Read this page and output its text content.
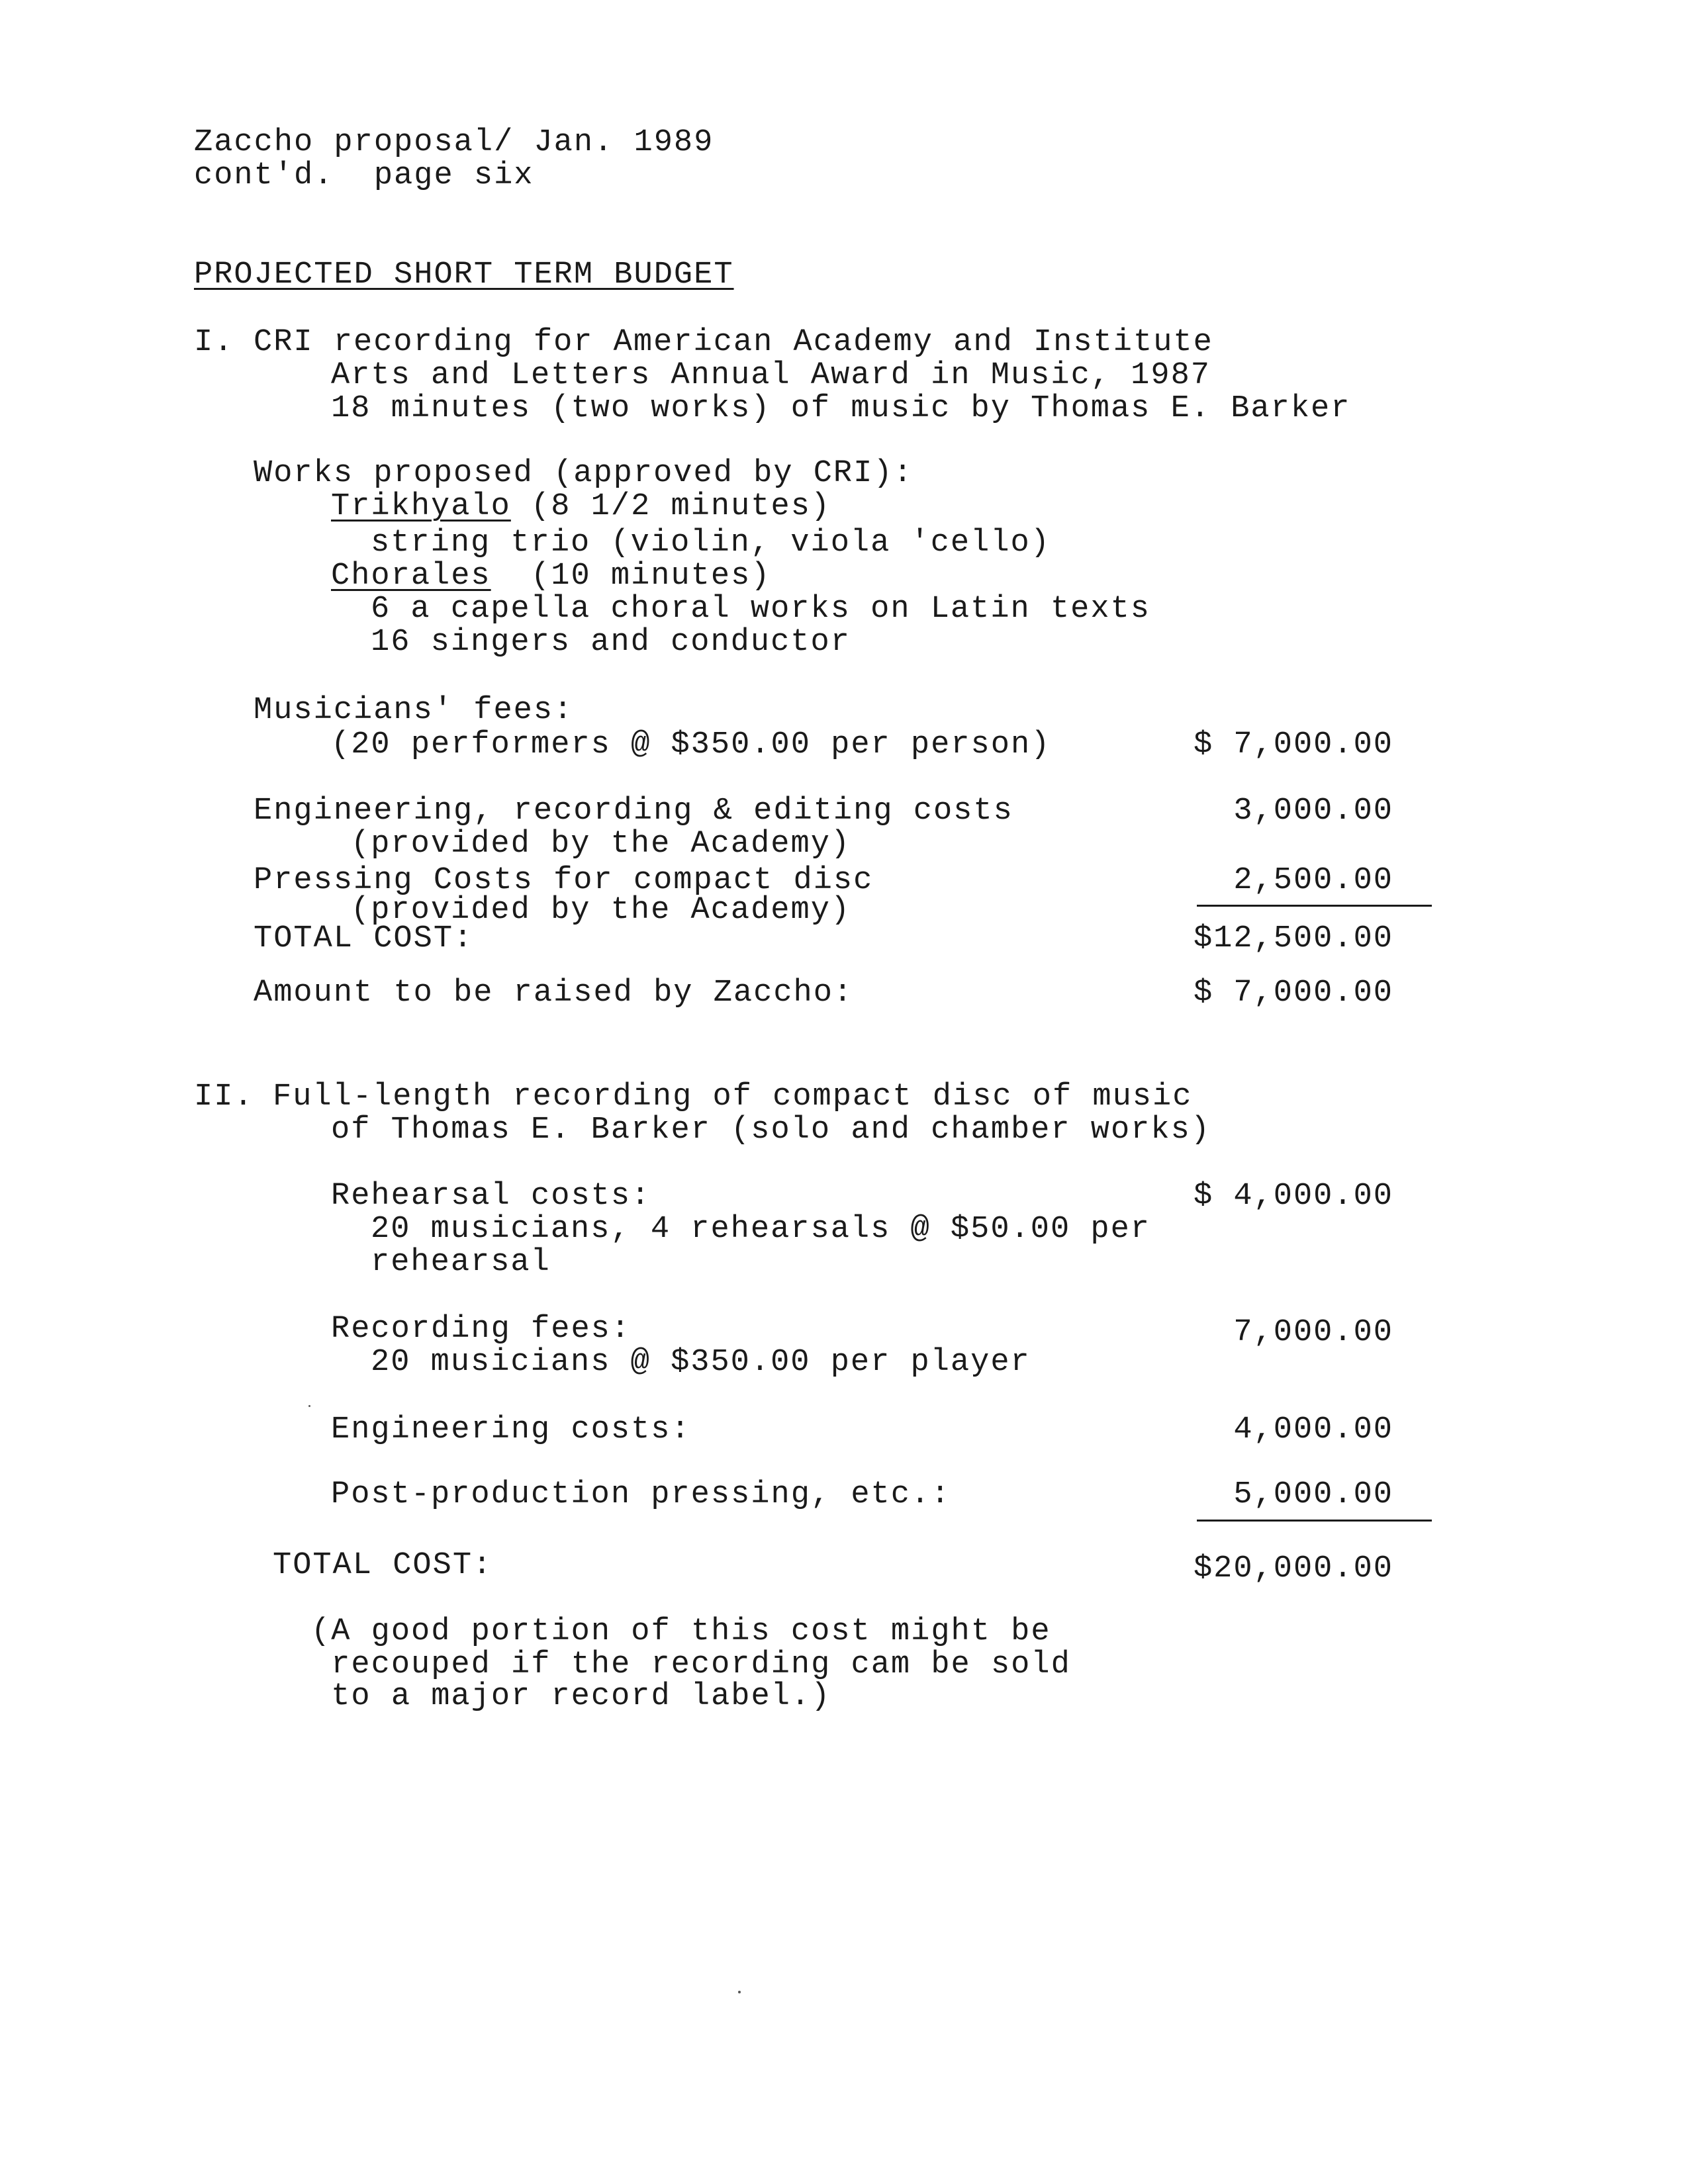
Zaccho proposal/ Jan. 1989
cont'd.  page six
PROJECTED SHORT TERM BUDGET
I. CRI recording for American Academy and Institute
Arts and Letters Annual Award in Music, 1987
18 minutes (two works) of music by Thomas E. Barker
Works proposed (approved by CRI):
Trikhyalo (8 1/2 minutes)
string trio (violin, viola 'cello)
Chorales  (10 minutes)
6 a capella choral works on Latin texts
16 singers and conductor
Musicians' fees:
(20 performers @ $350.00 per person)	$ 7,000.00
Engineering, recording & editing costs	3,000.00
(provided by the Academy)
Pressing Costs for compact disc	2,500.00
(provided by the Academy)
TOTAL COST:	$12,500.00
Amount to be raised by Zaccho:	$ 7,000.00
II. Full-length recording of compact disc of music
of Thomas E. Barker (solo and chamber works)
Rehearsal costs:	$ 4,000.00
20 musicians, 4 rehearsals @ $50.00 per
rehearsal
Recording fees:	7,000.00
20 musicians @ $350.00 per player
Engineering costs:	4,000.00
Post-production pressing, etc.:	5,000.00
TOTAL COST:	$20,000.00
(A good portion of this cost might be
recouped if the recording cam be sold
to a major record label.)
